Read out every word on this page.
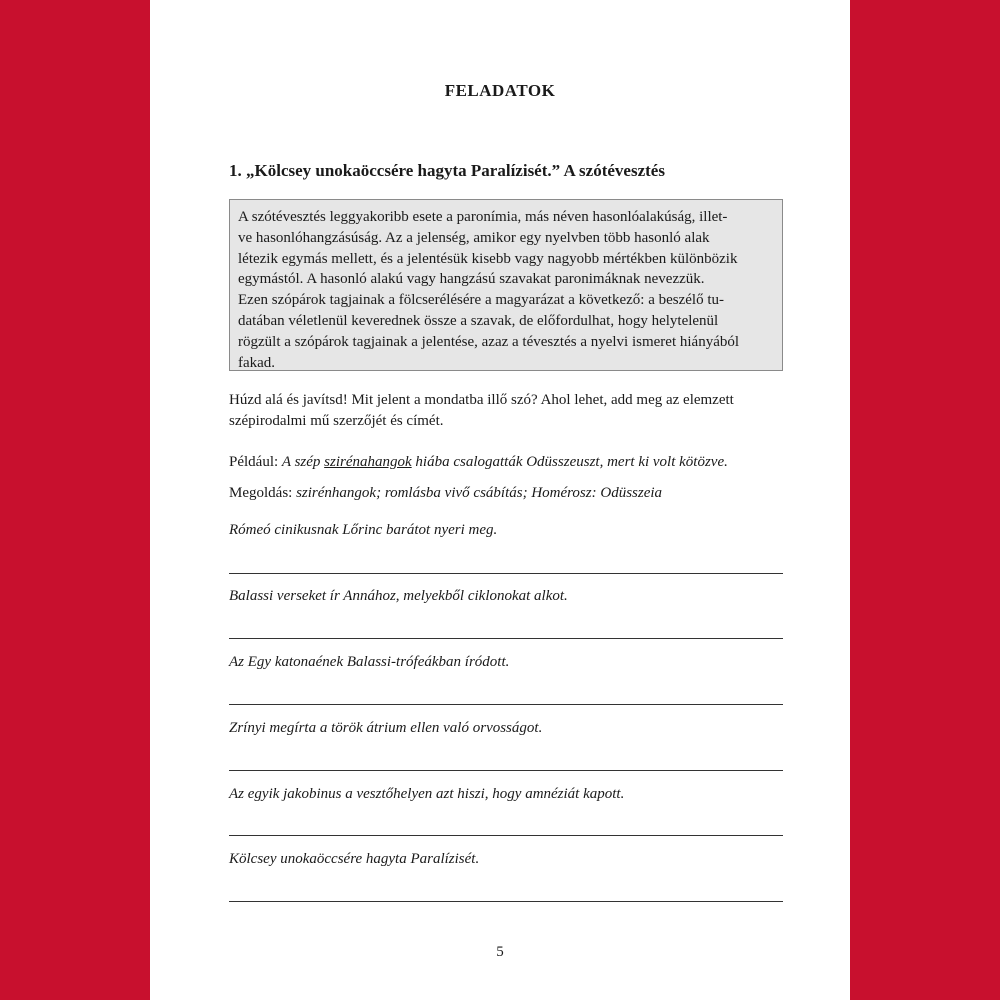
FELADATOK
1. „Kölcsey unokaöccsére hagyta Paralízisét.” A szótévesztés

A szótévesztés leggyakoribb esete a paronímia, más néven hasonlóalakúság, illet-

ve hasonlóhangzásúság. Az a jelenség, amikor egy nyelvben több hasonló alak

létezik egymás mellett, és a jelentésük kisebb vagy nagyobb mértékben különbözik

egymástól. A hasonló alakú vagy hangzású szavakat paronimáknak nevezzük.

Ezen szópárok tagjainak a fölcserélésére a magyarázat a következő: a beszélő tu-

datában véletlenül keverednek össze a szavak, de előfordulhat, hogy helytelenül

rögzült a szópárok tagjainak a jelentése, azaz a tévesztés a nyelvi ismeret hiányából

fakad.

Húzd alá és javítsd! Mit jelent a mondatba illő szó? Ahol lehet, add meg az elemzett
szépirodalmi mű szerzőjét és címét.
Például: A szép szirénahangok hiába csalogatták Odüsszeuszt, mert ki volt kötözve.
Megoldás: szirénhangok; romlásba vivő csábítás; Homérosz: Odüsszeia
Rómeó cinikusnak Lőrinc barátot nyeri meg.
Balassi verseket ír Annához, melyekből ciklonokat alkot.
Az Egy katonaének Balassi-trófeákban íródott.
Zrínyi megírta a török átrium ellen való orvosságot.
Az egyik jakobinus a vesztőhelyen azt hiszi, hogy amnéziát kapott.
Kölcsey unokaöccsére hagyta Paralízisét.
5
